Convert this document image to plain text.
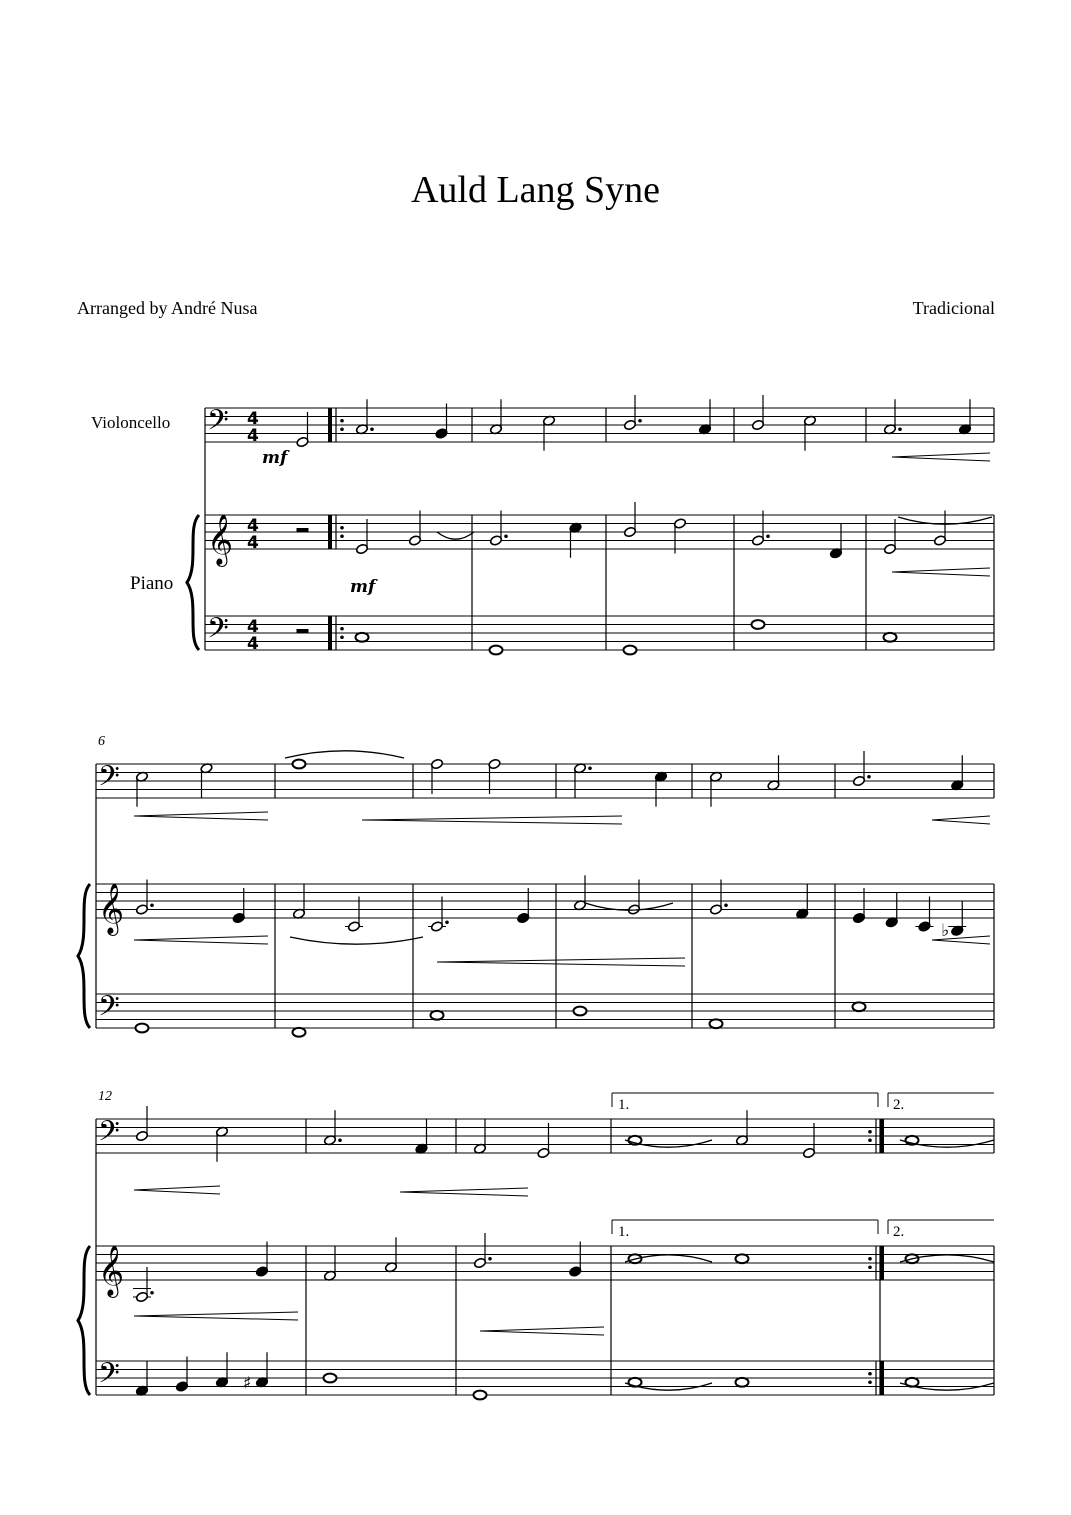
Auld Lang Syne
Arranged by André Nusa	Tradicional
Violoncello
Piano
6
12
1.	2.
1.	2.
𝄢
𝄞
𝄢
4
4
4
4
4
4
𝄢
𝄞
𝄢
♭
𝄢
𝄞
𝄢	♯
mf
mf
